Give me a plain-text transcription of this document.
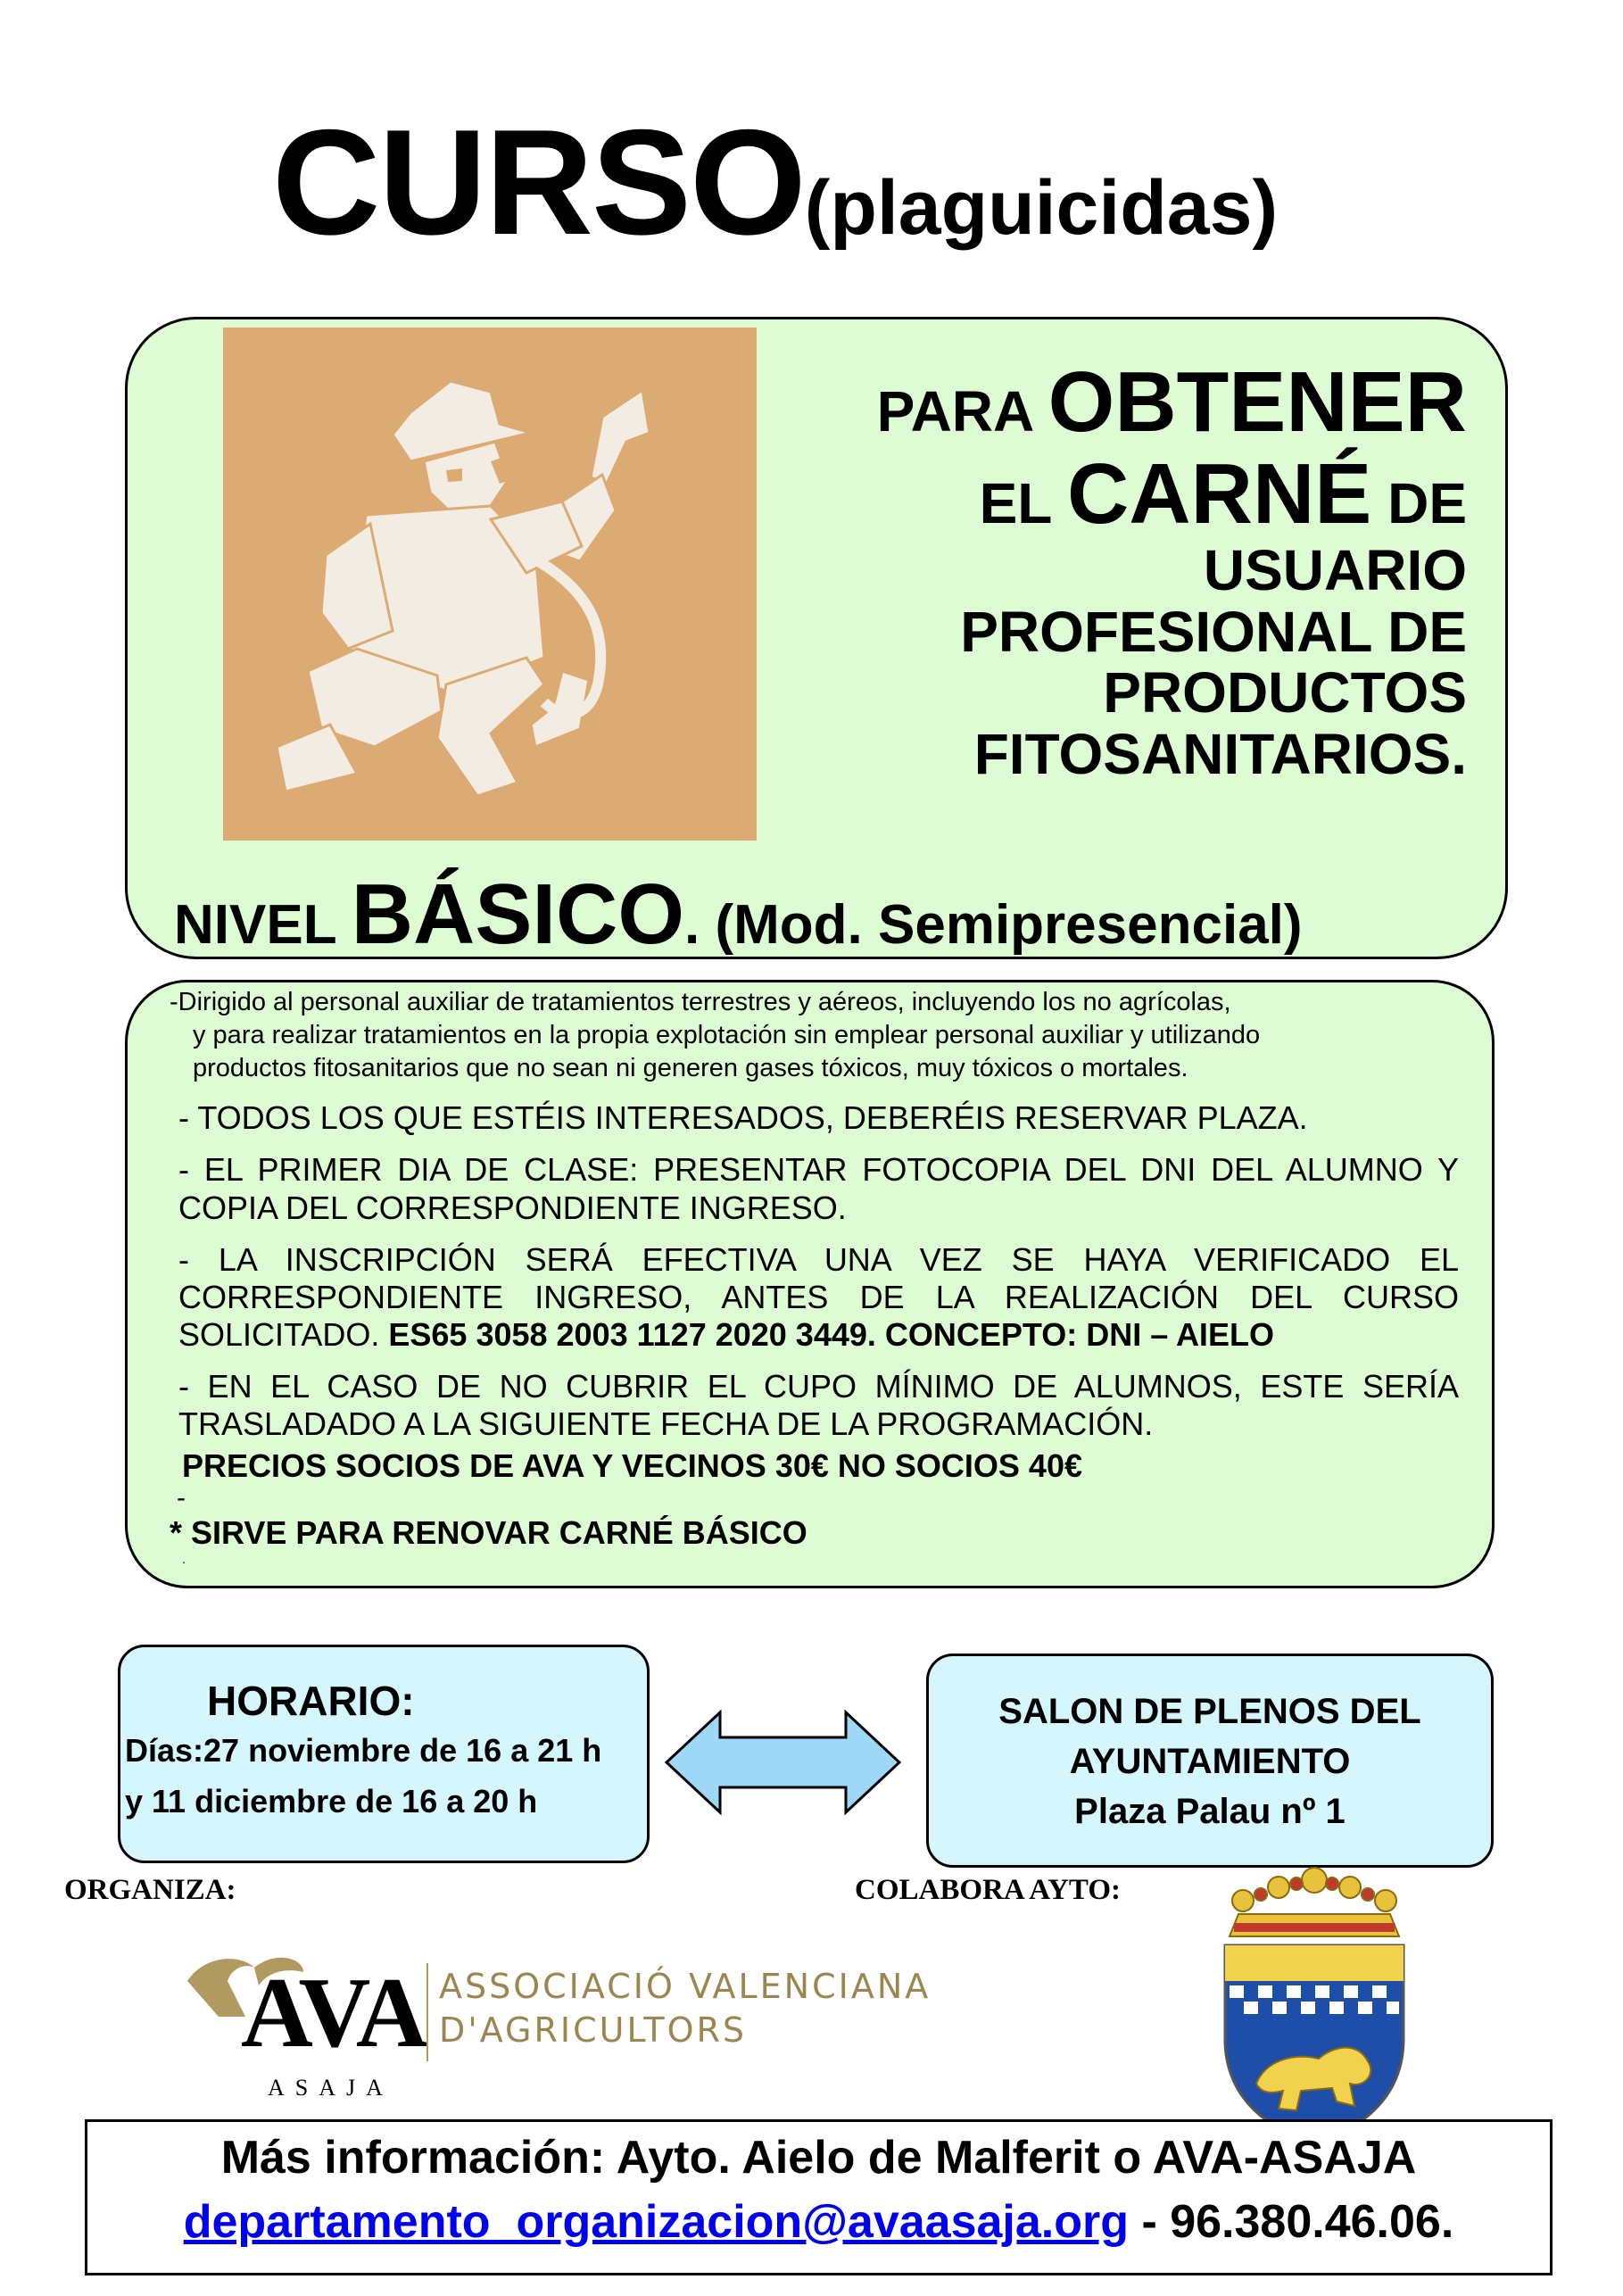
CURSO(plaguicidas)
PARA OBTENER
EL CARNÉ DE
USUARIO
PROFESIONAL DE
PRODUCTOS
FITOSANITARIOS.
NIVEL BÁSICO. (Mod. Semipresencial)
-Dirigido al personal auxiliar de tratamientos terrestres y aéreos, incluyendo los no agrícolas,
y para realizar tratamientos en la propia explotación sin emplear personal auxiliar y utilizando
productos fitosanitarios que no sean ni generen gases tóxicos, muy tóxicos o mortales.
- TODOS LOS QUE ESTÉIS INTERESADOS, DEBERÉIS RESERVAR PLAZA.
- EL PRIMER DIA DE CLASE: PRESENTAR FOTOCOPIA DEL DNI DEL ALUMNO Y COPIA DEL CORRESPONDIENTE INGRESO.
- LA INSCRIPCIÓN SERÁ EFECTIVA UNA VEZ SE HAYA VERIFICADO EL CORRESPONDIENTE INGRESO, ANTES DE LA REALIZACIÓN DEL CURSO SOLICITADO. ES65 3058 2003 1127 2020 3449. CONCEPTO: DNI – AIELO
- EN EL CASO DE NO CUBRIR EL CUPO MÍNIMO DE ALUMNOS, ESTE SERÍA TRASLADADO A LA SIGUIENTE FECHA DE LA PROGRAMACIÓN.
PRECIOS SOCIOS DE AVA Y VECINOS 30€ NO SOCIOS 40€
-
* SIRVE PARA RENOVAR CARNÉ BÁSICO
.
HORARIO:
Días:27 noviembre de 16 a 21 h
y 11 diciembre de 16 a 20 h
SALON DE PLENOS DEL
AYUNTAMIENTO
Plaza Palau nº 1
ORGANIZA:	COLABORA AYTO:
AVA
ASAJA
ASSOCIACIÓ VALENCIANA
D'AGRICULTORS
Más información: Ayto. Aielo de Malferit o AVA-ASAJA
departamento_organizacion@avaasaja.org - 96.380.46.06.
